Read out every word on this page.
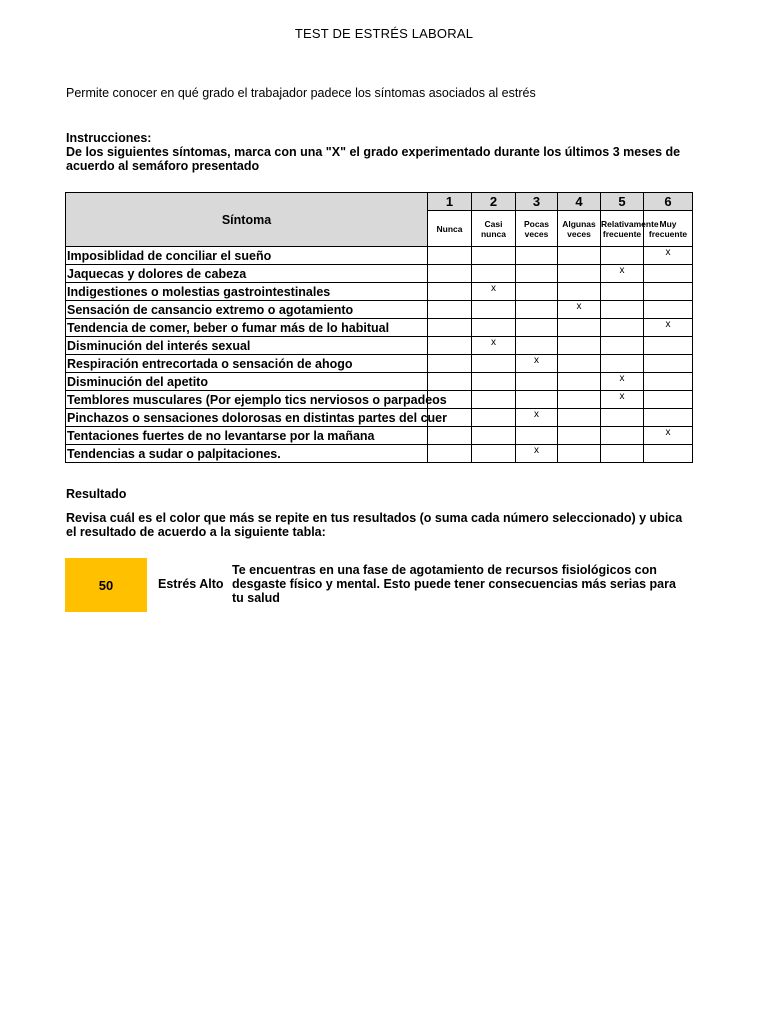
TEST DE ESTRÉS LABORAL
Permite conocer en qué grado el trabajador padece los síntomas asociados al estrés
Instrucciones:
De los siguientes síntomas, marca con una "X" el grado experimentado durante los últimos 3 meses de acuerdo al semáforo presentado
Síntoma	1	2	3	4	5	6
	Nunca	Casi nunca	Pocas veces	Algunas veces	Relativamente frecuente	Muy frecuente
Imposiblidad de conciliar el sueño						x
Jaquecas y dolores de cabeza					x	
Indigestiones o molestias gastrointestinales		x				
Sensación de cansancio extremo o agotamiento				x		
Tendencia de comer, beber o fumar más de lo habitual						x
Disminución del interés sexual		x				
Respiración entrecortada o sensación de ahogo			x			
Disminución del apetito					x	
Temblores musculares (Por ejemplo tics nerviosos o parpadeos					x	
Pinchazos o sensaciones dolorosas en distintas partes del cuer			x			
Tentaciones fuertes de no levantarse por la mañana						x
Tendencias a sudar o palpitaciones.			x			
Resultado
Revisa cuál es el color que más se repite en tus resultados (o suma cada número seleccionado) y ubica el resultado de acuerdo a la siguiente tabla:
50	Estrés Alto
Te encuentras en una fase de agotamiento de recursos fisiológicos con desgaste físico y mental. Esto puede tener consecuencias más serias para tu salud
